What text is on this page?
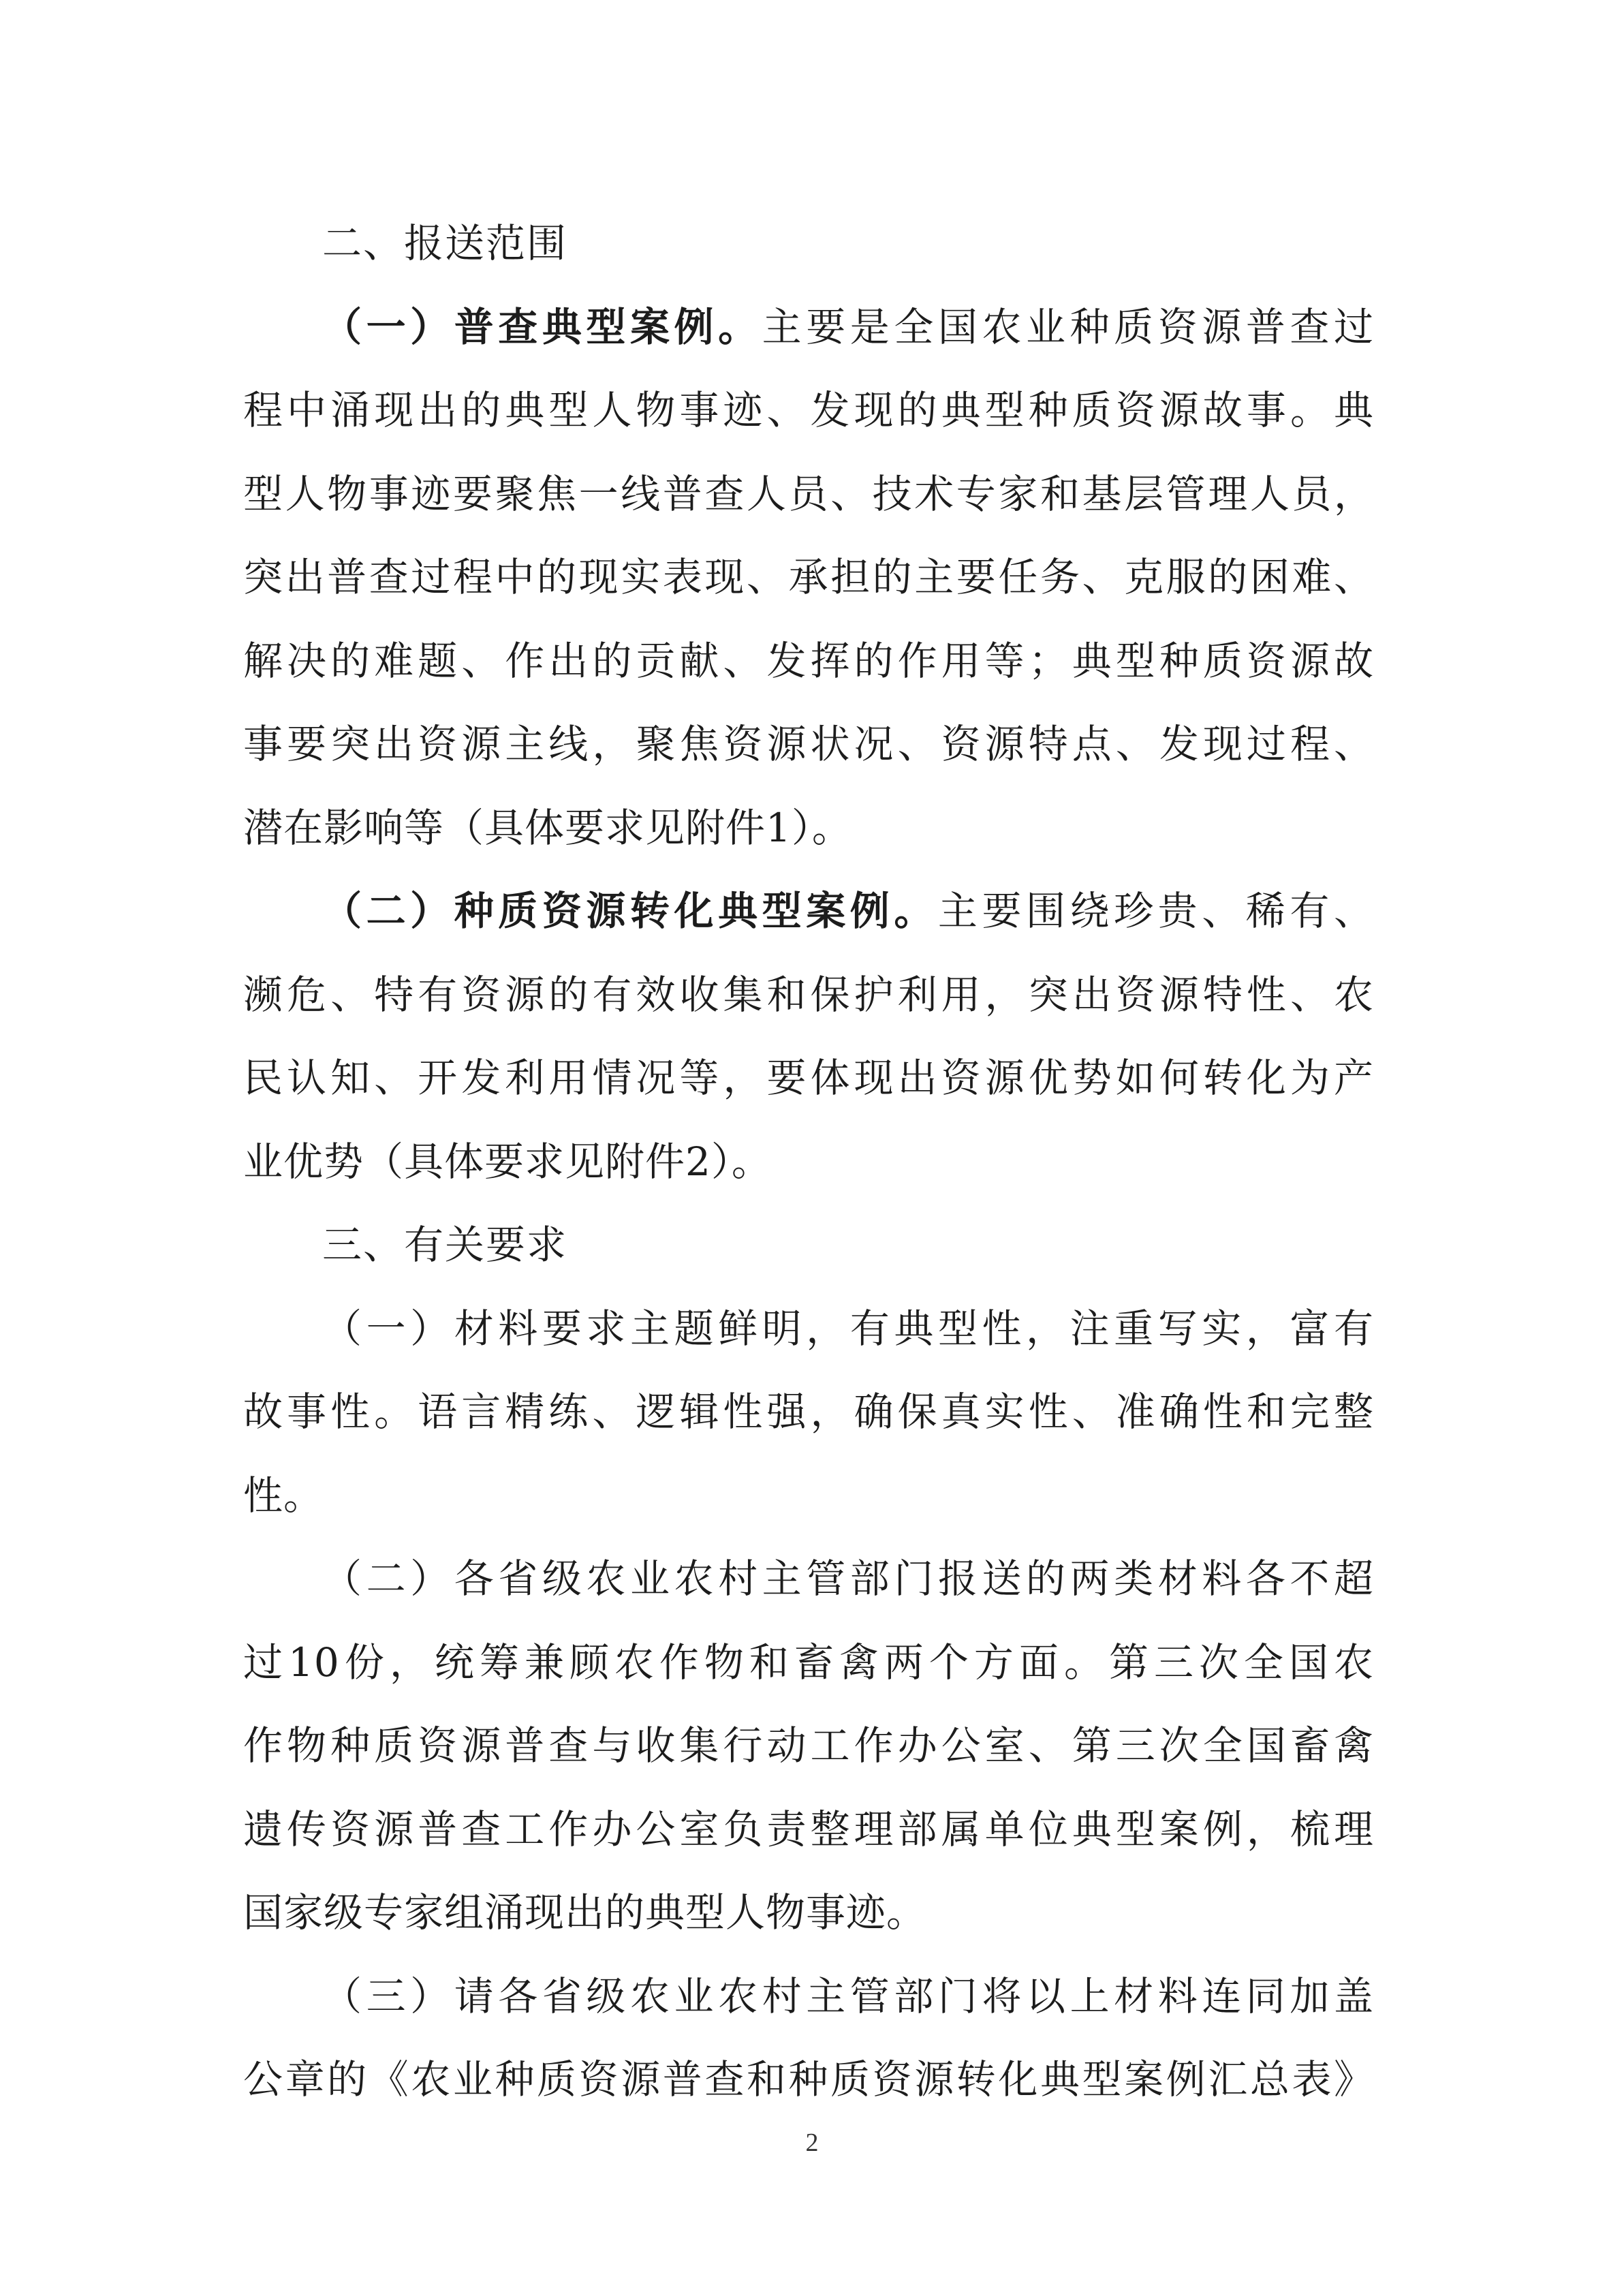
二、报送范围
（一）普查典型案例。主要是全国农业种质资源普查过
程中涌现出的典型人物事迹、发现的典型种质资源故事。典
型人物事迹要聚焦一线普查人员、技术专家和基层管理人员，
突出普查过程中的现实表现、承担的主要任务、克服的困难、
解决的难题、作出的贡献、发挥的作用等；典型种质资源故
事要突出资源主线，聚焦资源状况、资源特点、发现过程、
潜在影响等（具体要求见附件1）。
（二）种质资源转化典型案例。主要围绕珍贵、稀有、
濒危、特有资源的有效收集和保护利用，突出资源特性、农
民认知、开发利用情况等，要体现出资源优势如何转化为产
业优势（具体要求见附件2）。
三、有关要求
（一）材料要求主题鲜明，有典型性，注重写实，富有
故事性。语言精练、逻辑性强，确保真实性、准确性和完整
性。
（二）各省级农业农村主管部门报送的两类材料各不超
过10份，统筹兼顾农作物和畜禽两个方面。第三次全国农
作物种质资源普查与收集行动工作办公室、第三次全国畜禽
遗传资源普查工作办公室负责整理部属单位典型案例，梳理
国家级专家组涌现出的典型人物事迹。
（三）请各省级农业农村主管部门将以上材料连同加盖
公章的《农业种质资源普查和种质资源转化典型案例汇总表》
2
